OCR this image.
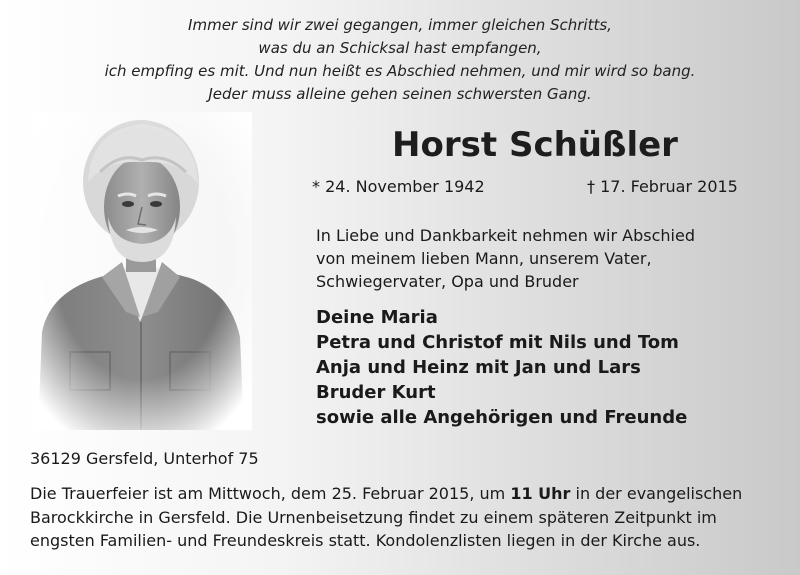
Immer sind wir zwei gegangen, immer gleichen Schritts,
was du an Schicksal hast empfangen,
ich empfing es mit. Und nun heißt es Abschied nehmen, und mir wird so bang.
Jeder muss alleine gehen seinen schwersten Gang.
Horst Schüßler
* 24. November 1942	† 17. Februar 2015
In Liebe und Dankbarkeit nehmen wir Abschied
von meinem lieben Mann, unserem Vater,
Schwiegervater, Opa und Bruder
Deine Maria
Petra und Christof mit Nils und Tom
Anja und Heinz mit Jan und Lars
Bruder Kurt
sowie alle Angehörigen und Freunde
36129 Gersfeld, Unterhof 75
Die Trauerfeier ist am Mittwoch, dem 25. Februar 2015, um 11 Uhr in der evangelischen
Barockkirche in Gersfeld. Die Urnenbeisetzung findet zu einem späteren Zeitpunkt im
engsten Familien- und Freundeskreis statt. Kondolenzlisten liegen in der Kirche aus.
